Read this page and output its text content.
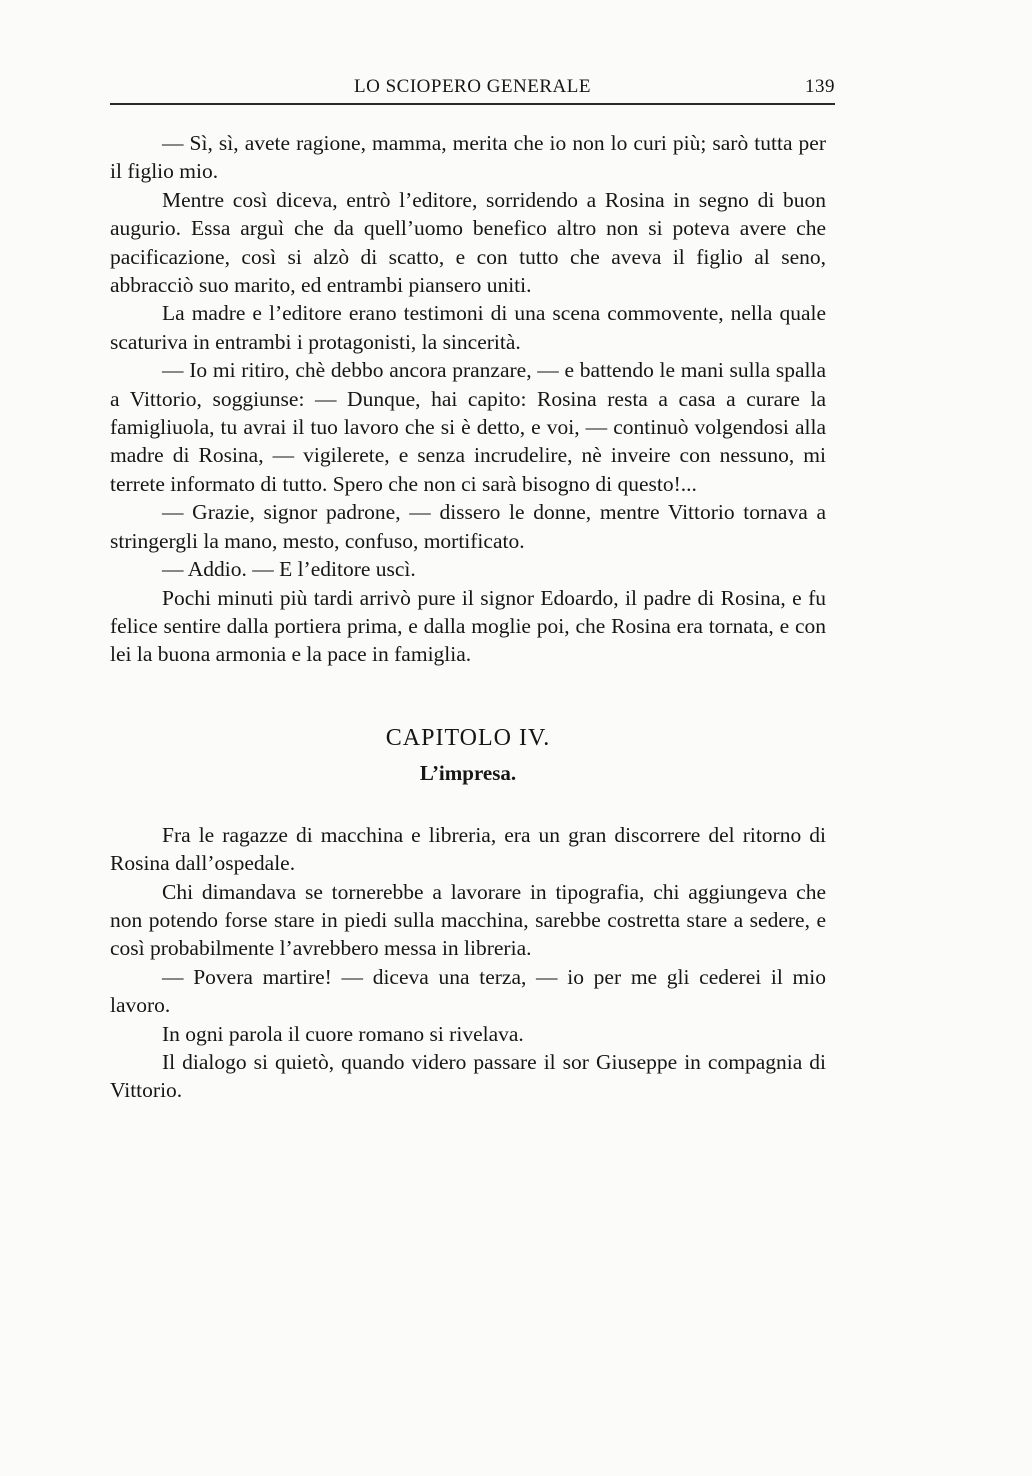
LO SCIOPERO GENERALE	139

— Sì, sì, avete ragione, mamma, merita che io non lo curi più; sarò tutta per il figlio mio.

Mentre così diceva, entrò l’editore, sorridendo a Rosina in segno di buon augurio. Essa arguì che da quell’uomo benefico altro non si poteva avere che pacificazione, così si alzò di scatto, e con tutto che aveva il figlio al seno, abbracciò suo marito, ed entrambi piansero uniti.

La madre e l’editore erano testimoni di una scena commovente, nella quale scaturiva in entrambi i protagonisti, la sincerità.

— Io mi ritiro, chè debbo ancora pranzare, — e battendo le mani sulla spalla a Vittorio, soggiunse: — Dunque, hai capito: Rosina resta a casa a curare la famigliuola, tu avrai il tuo lavoro che si è detto, e voi, — continuò volgendosi alla madre di Rosina, — vigilerete, e senza incrudelire, nè inveire con nessuno, mi terrete informato di tutto. Spero che non ci sarà bisogno di questo!...

— Grazie, signor padrone, — dissero le donne, mentre Vittorio tornava a stringergli la mano, mesto, confuso, mortificato.

— Addio. — E l’editore uscì.

Pochi minuti più tardi arrivò pure il signor Edoardo, il padre di Rosina, e fu felice sentire dalla portiera prima, e dalla moglie poi, che Rosina era tornata, e con lei la buona armonia e la pace in famiglia.

CAPITOLO IV.
L’impresa.

Fra le ragazze di macchina e libreria, era un gran discorrere del ritorno di Rosina dall’ospedale.

Chi dimandava se tornerebbe a lavorare in tipografia, chi aggiungeva che non potendo forse stare in piedi sulla macchina, sarebbe costretta stare a sedere, e così probabilmente l’avrebbero messa in libreria.

— Povera martire! — diceva una terza, — io per me gli cederei il mio lavoro.

In ogni parola il cuore romano si rivelava.

Il dialogo si quietò, quando videro passare il sor Giuseppe in compagnia di Vittorio.
